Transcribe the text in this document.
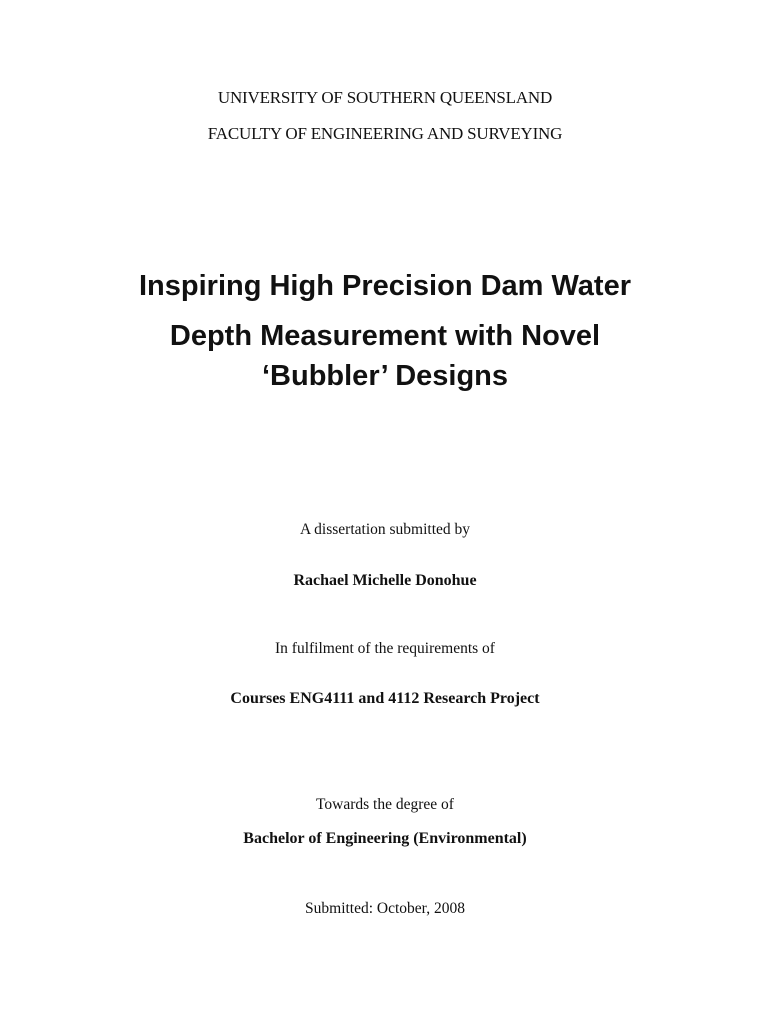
UNIVERSITY OF SOUTHERN QUEENSLAND

FACULTY OF ENGINEERING AND SURVEYING

Inspiring High Precision Dam Water
Depth Measurement with Novel
‘Bubbler’ Designs

A dissertation submitted by

Rachael Michelle Donohue

In fulfilment of the requirements of

Courses ENG4111 and 4112 Research Project

Towards the degree of

Bachelor of Engineering (Environmental)

Submitted: October, 2008
